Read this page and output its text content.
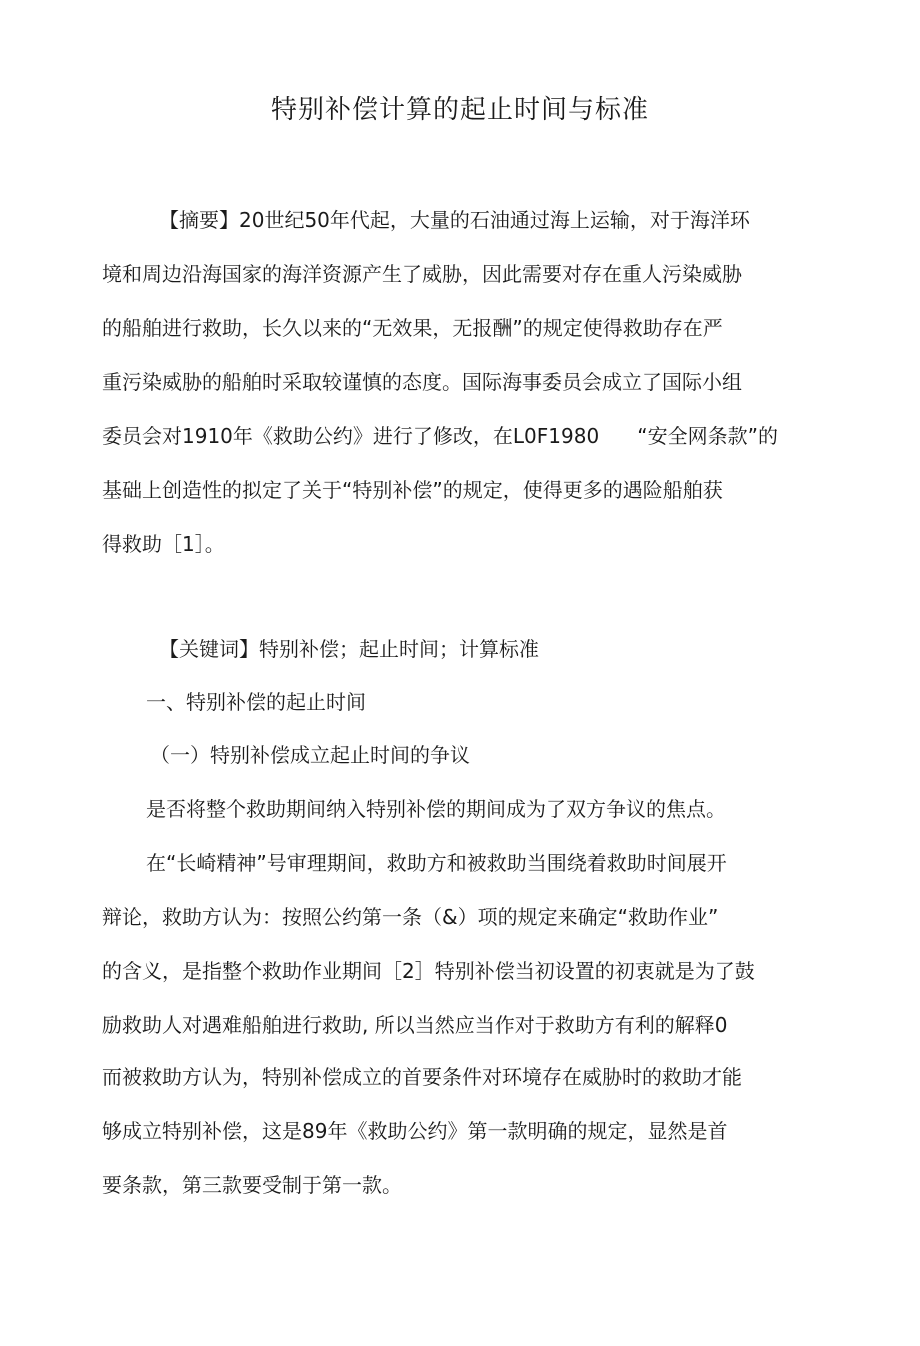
特别补偿计算的起止时间与标准
【摘要】20世纪50年代起，大量的石油通过海上运输，对于海洋环
境和周边沿海国家的海洋资源产生了威胁，因此需要对存在重人污染威胁
的船舶进行救助，长久以来的“无效果，无报酬”的规定使得救助存在严
重污染威胁的船舶时采取较谨慎的态度。国际海事委员会成立了国际小组
委员会对1910年《救助公约》进行了修改，在L0F1980      “安全网条款”的
基础上创造性的拟定了关于“特别补偿”的规定，使得更多的遇险船舶获
得救助［1］。
【关键词】特别补偿；起止时间；计算标准
一、特别补偿的起止时间
（一）特别补偿成立起止时间的争议
是否将整个救助期间纳入特别补偿的期间成为了双方争议的焦点。
在“长崎精神”号审理期间，救助方和被救助当围绕着救助时间展开
辩论，救助方认为：按照公约第一条（&）项的规定来确定“救助作业”
的含义，是指整个救助作业期间［2］特别补偿当初设置的初衷就是为了鼓
励救助人对遇难船舶进行救助, 所以当然应当作对于救助方有利的解释0
而被救助方认为，特别补偿成立的首要条件对环境存在威胁时的救助才能
够成立特别补偿，这是89年《救助公约》第一款明确的规定，显然是首
要条款，第三款要受制于第一款。
